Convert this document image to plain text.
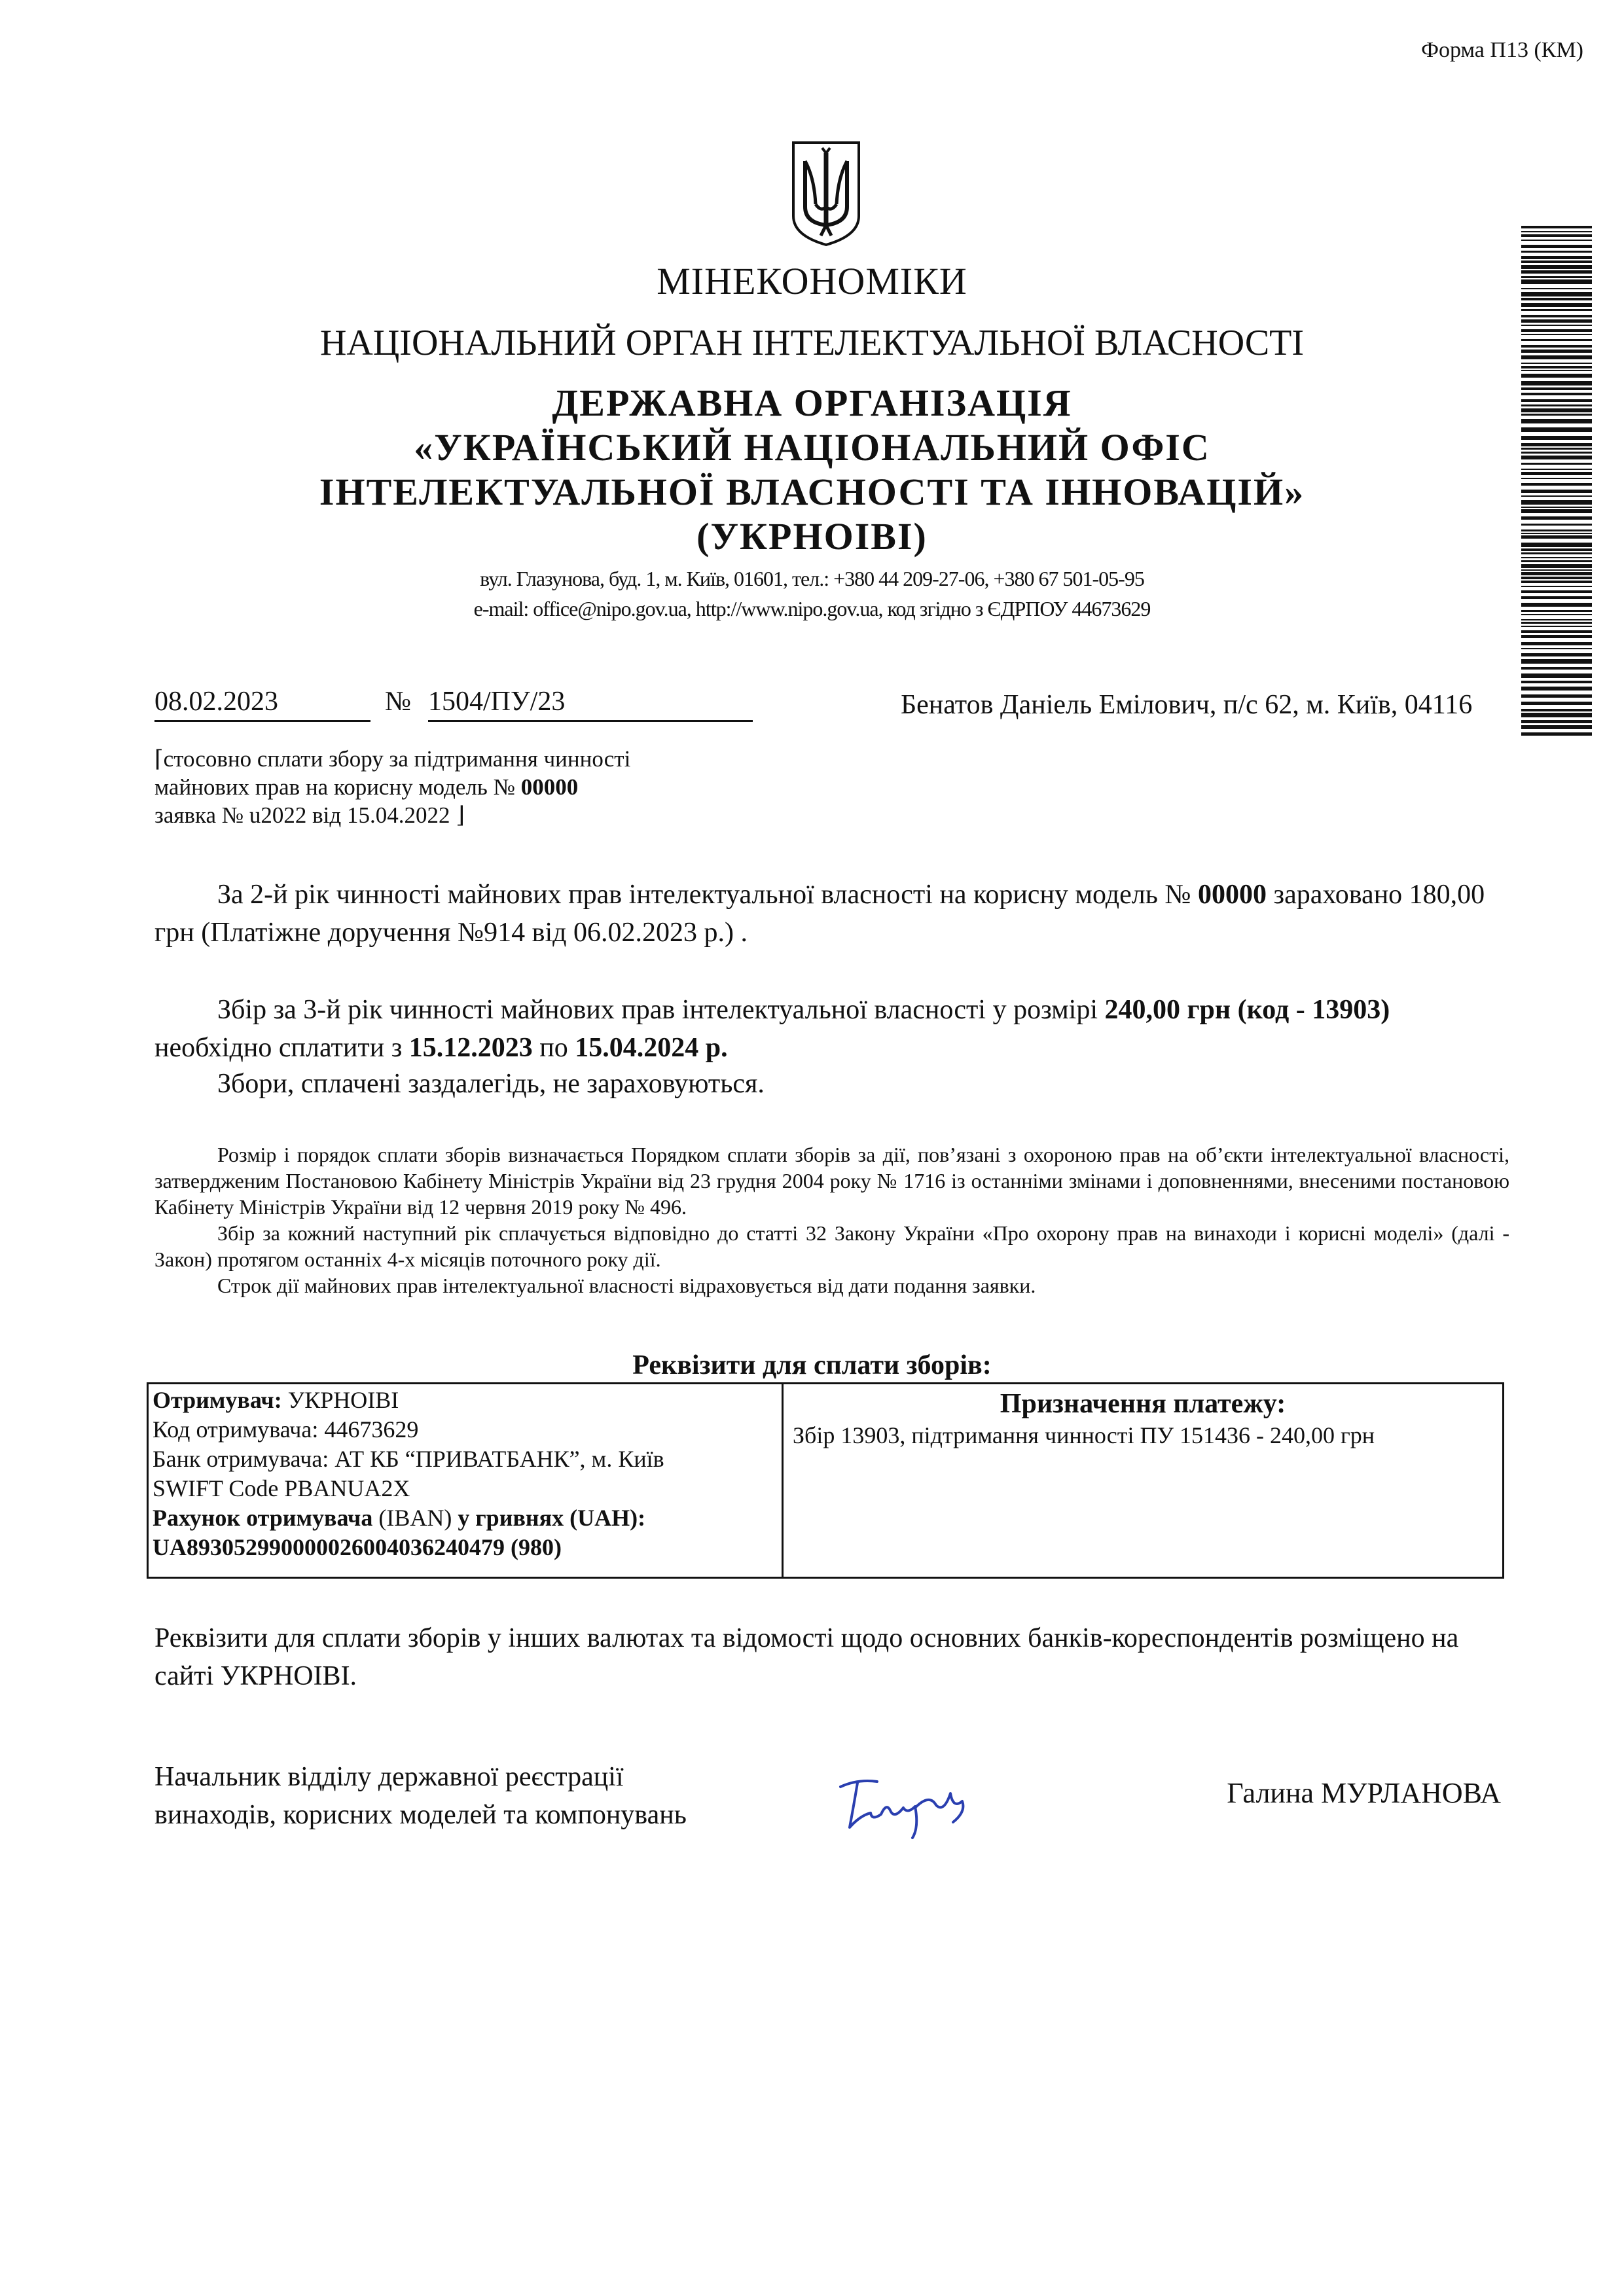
Форма П13 (КМ)
МІНЕКОНОМІКИ
НАЦІОНАЛЬНИЙ ОРГАН ІНТЕЛЕКТУАЛЬНОЇ ВЛАСНОСТІ
ДЕРЖАВНА ОРГАНІЗАЦІЯ
«УКРАЇНСЬКИЙ НАЦІОНАЛЬНИЙ ОФІС
ІНТЕЛЕКТУАЛЬНОЇ ВЛАСНОСТІ ТА ІННОВАЦІЙ»
(УКРНОІВІ)
вул. Глазунова, буд. 1, м. Київ, 01601, тел.: +380 44 209-27-06, +380 67 501-05-95
e-mail: office@nipo.gov.ua, http://www.nipo.gov.ua, код згідно з ЄДРПОУ 44673629
08.02.2023	№ 1504/ПУ/23
⌈стосовно сплати збору за підтримання чинності
майнових прав на корисну модель № 00000
заявка № u2022 від 15.04.2022 ⌋
Бенатов Даніель Емілович, п/с 62, м. Київ, 04116
За 2-й рік чинності майнових прав інтелектуальної власності на корисну модель № 00000 зараховано 180,00 грн (Платіжне доручення №914 від 06.02.2023 р.) .
Збір за 3-й рік чинності майнових прав інтелектуальної власності у розмірі 240,00 грн (код - 13903) необхідно сплатити з 15.12.2023 по 15.04.2024 р.
Збори, сплачені заздалегідь, не зараховуються.
Розмір і порядок сплати зборів визначається Порядком сплати зборів за дії, пов’язані з охороною прав на об’єкти інтелектуальної власності, затвердженим Постановою Кабінету Міністрів України від 23 грудня 2004 року № 1716 із останніми змінами і доповненнями, внесеними постановою Кабінету Міністрів України від 12 червня 2019 року № 496.
Збір за кожний наступний рік сплачується відповідно до статті 32 Закону України «Про охорону прав на винаходи і корисні моделі» (далі - Закон) протягом останніх 4-х місяців поточного року дії.
Строк дії майнових прав інтелектуальної власності відраховується від дати подання заявки.
Реквізити для сплати зборів:
Отримувач: УКРНОІВІ
Код отримувача: 44673629
Банк отримувача: АТ КБ “ПРИВАТБАНК”, м. Київ
SWIFT Code PBANUA2X
Рахунок отримувача (IBAN) у гривнях (UAH):
UA893052990000026004036240479 (980)
Призначення платежу:
Збір 13903, підтримання чинності ПУ 151436 - 240,00 грн
Реквізити для сплати зборів у інших валютах та відомості щодо основних банків-кореспондентів розміщено на сайті УКРНОІВІ.
Начальник відділу державної реєстрації
винаходів, корисних моделей та компонувань
Галина МУРЛАНОВА
